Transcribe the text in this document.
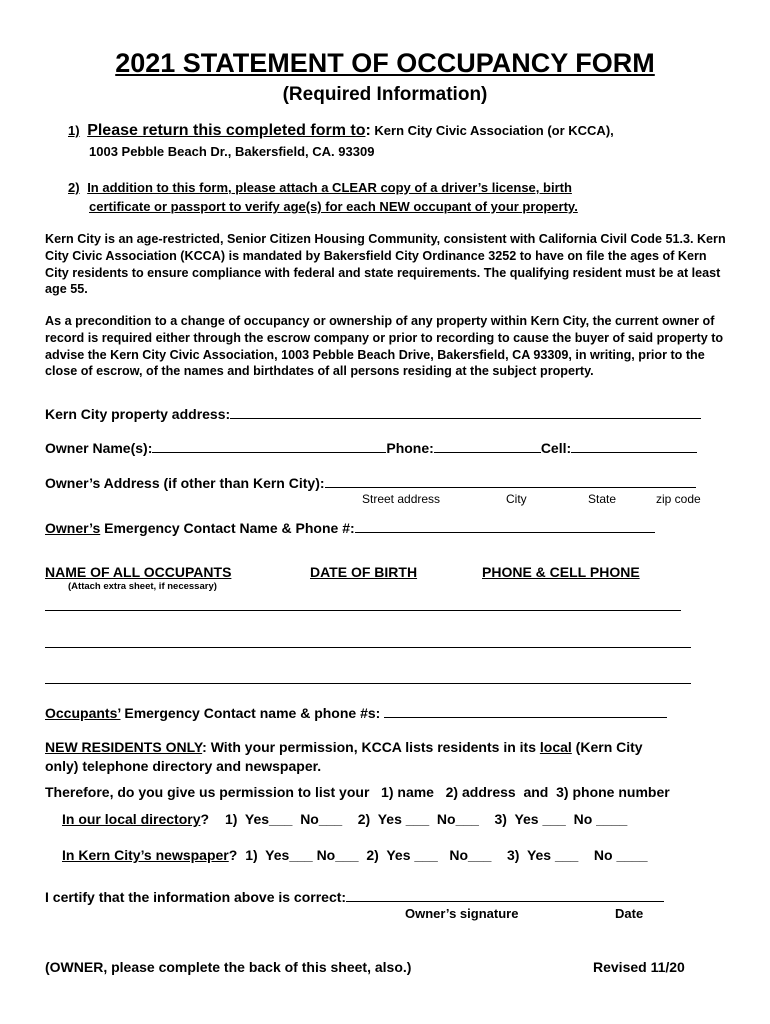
2021 STATEMENT OF OCCUPANCY FORM
(Required Information)
1) Please return this completed form to: Kern City Civic Association (or KCCA),
1003 Pebble Beach Dr., Bakersfield, CA. 93309
2) In addition to this form, please attach a CLEAR copy of a driver’s license, birth
certificate or passport to verify age(s) for each NEW occupant of your property.
Kern City is an age-restricted, Senior Citizen Housing Community, consistent with California Civil Code 51.3. Kern City Civic Association (KCCA) is mandated by Bakersfield City Ordinance 3252 to have on file the ages of Kern City residents to ensure compliance with federal and state requirements. The qualifying resident must be at least age 55.
As a precondition to a change of occupancy or ownership of any property within Kern City, the current owner of record is required either through the escrow company or prior to recording to cause the buyer of said property to advise the Kern City Civic Association, 1003 Pebble Beach Drive, Bakersfield, CA 93309, in writing, prior to the close of escrow, of the names and birthdates of all persons residing at the subject property.
Kern City property address:
Owner Name(s):	Phone:	Cell:
Owner’s Address (if other than Kern City):
Street address	City	State	zip code
Owner’s Emergency Contact Name & Phone #:
NAME OF ALL OCCUPANTS
(Attach extra sheet, if necessary)
DATE OF BIRTH	PHONE & CELL PHONE
Occupants’ Emergency Contact name & phone #s:
NEW RESIDENTS ONLY: With your permission, KCCA lists residents in its local (Kern City
only) telephone directory and newspaper.
Therefore, do you give us permission to list your   1) name   2) address  and  3) phone number
In our local directory? 1)  Yes___  No___    2)  Yes ___  No___    3)  Yes ___  No ____
In Kern City’s newspaper? 1)  Yes___ No___  2)  Yes ___   No___    3)  Yes ___    No ____
I certify that the information above is correct:
Owner’s signature	Date
(OWNER, please complete the back of this sheet, also.)	Revised 11/20
